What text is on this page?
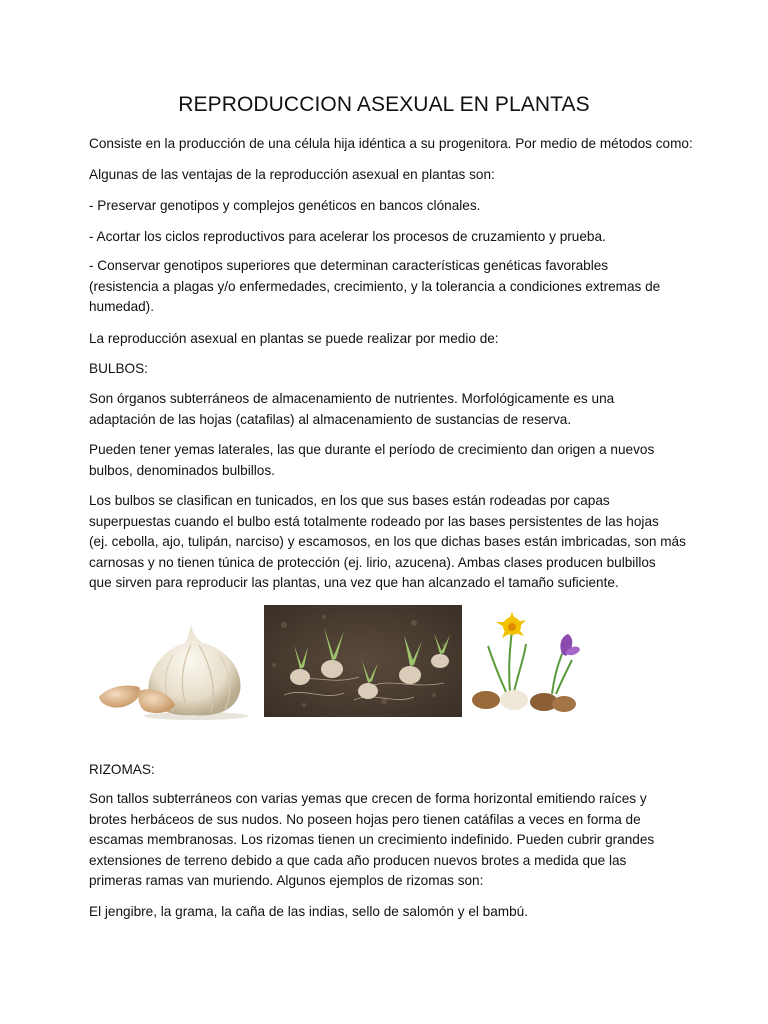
REPRODUCCION ASEXUAL EN PLANTAS

Consiste en la producción de una célula hija idéntica a su progenitora. Por medio de métodos como:

Algunas de las ventajas de la reproducción asexual en plantas son:

- Preservar genotipos y complejos genéticos en bancos clónales.

- Acortar los ciclos reproductivos para acelerar los procesos de cruzamiento y prueba.

- Conservar genotipos superiores que determinan características genéticas favorables
(resistencia a plagas y/o enfermedades, crecimiento, y la tolerancia a condiciones extremas de
humedad).

La reproducción asexual en plantas se puede realizar por medio de:

BULBOS:

Son órganos subterráneos de almacenamiento de nutrientes. Morfológicamente es una
adaptación de las hojas (catafilas) al almacenamiento de sustancias de reserva.
Pueden tener yemas laterales, las que durante el período de crecimiento dan origen a nuevos
bulbos, denominados bulbillos.
Los bulbos se clasifican en tunicados, en los que sus bases están rodeadas por capas
superpuestas cuando el bulbo está totalmente rodeado por las bases persistentes de las hojas
(ej. cebolla, ajo, tulipán, narciso) y escamosos, en los que dichas bases están imbricadas, son más
carnosas y no tienen túnica de protección (ej. lirio, azucena). Ambas clases producen bulbillos
que sirven para reproducir las plantas, una vez que han alcanzado el tamaño suficiente.

RIZOMAS:

Son tallos subterráneos con varias yemas que crecen de forma horizontal emitiendo raíces y
brotes herbáceos de sus nudos. No poseen hojas pero tienen catáfilas a veces en forma de
escamas membranosas. Los rizomas tienen un crecimiento indefinido. Pueden cubrir grandes
extensiones de terreno debido a que cada año producen nuevos brotes a medida que las
primeras ramas van muriendo. Algunos ejemplos de rizomas son:

El jengibre, la grama, la caña de las indias, sello de salomón y el bambú.
